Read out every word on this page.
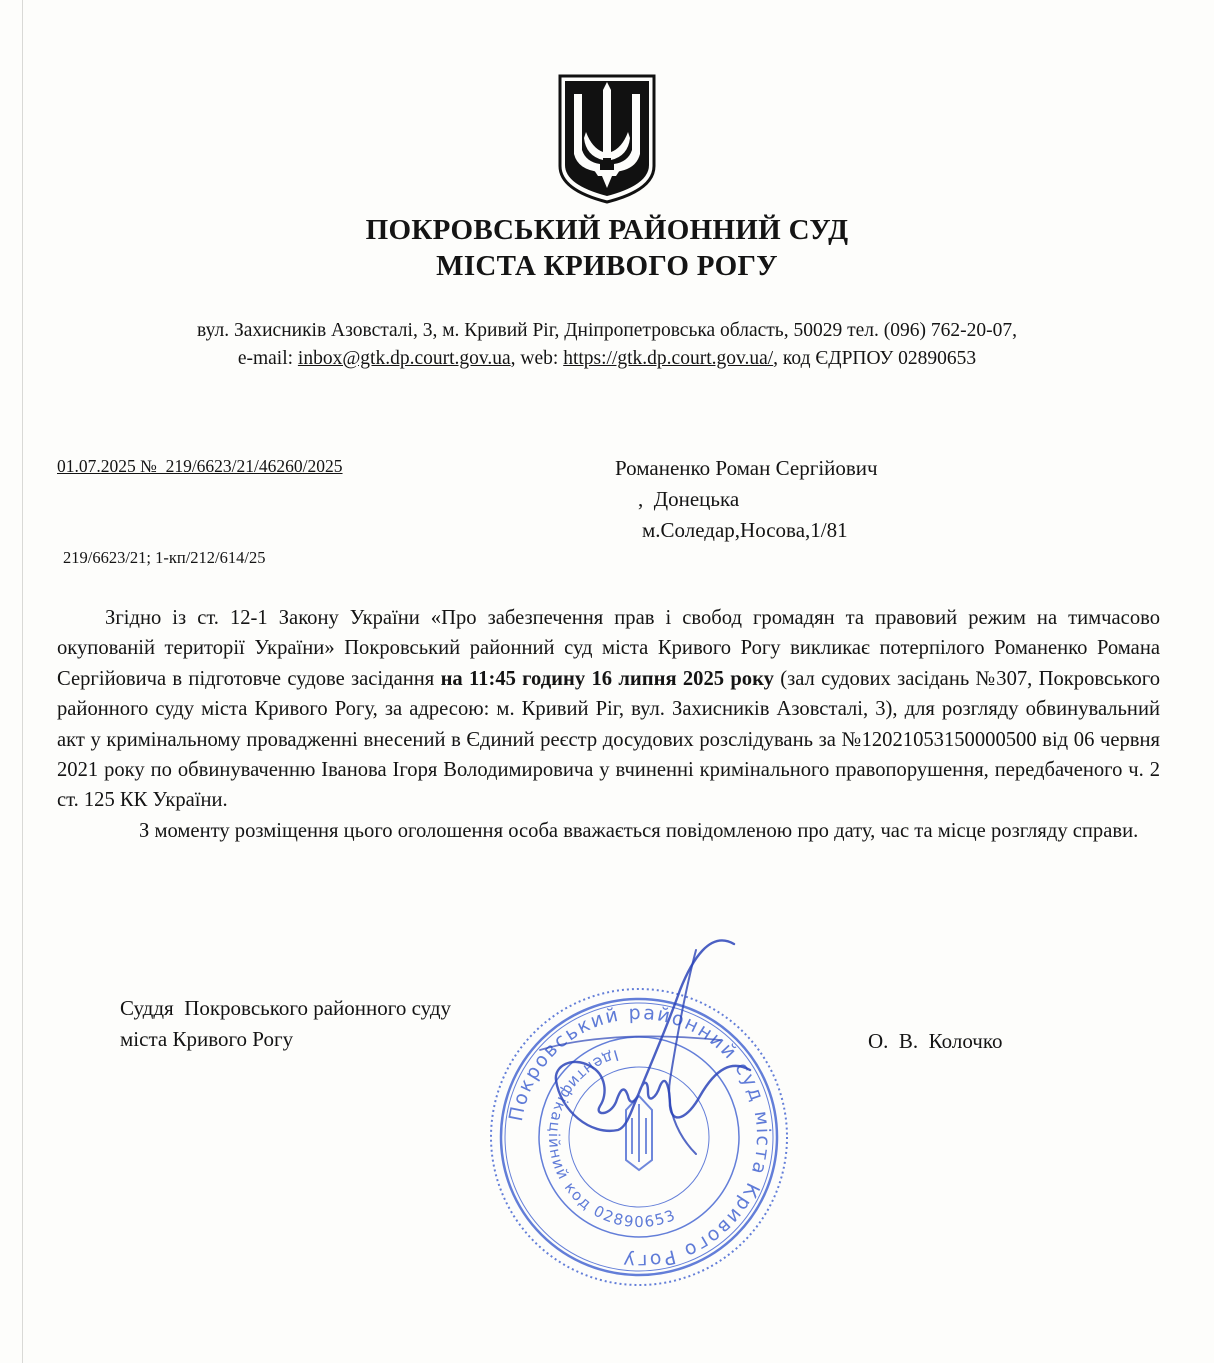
ПОКРОВСЬКИЙ РАЙОННИЙ СУД
МІСТА КРИВОГО РОГУ
вул. Захисників Азовсталі, 3, м. Кривий Ріг, Дніпропетровська область, 50029 тел. (096) 762-20-07,
e-mail: inbox@gtk.dp.court.gov.ua, web: https://gtk.dp.court.gov.ua/, код ЄДРПОУ 02890653
01.07.2025 №  219/6623/21/46260/2025
219/6623/21; 1-кп/212/614/25
Романенко Роман Сергійович
,  Донецька
м.Соледар,Носова,1/81

Згідно із ст. 12-1 Закону України «Про забезпечення прав і свобод громадян та правовий режим на тимчасово окупованій території України» Покровський районний суд міста Кривого Рогу викликає потерпілого Романенко Романа Сергійовича в підготовче судове засідання на 11:45 годину 16 липня 2025 року (зал судових засідань №307, Покровського районного суду міста Кривого Рогу, за адресою: м. Кривий Ріг, вул. Захисників Азовсталі, 3), для розгляду обвинувальний акт у кримінальному провадженні внесений в Єдиний реєстр досудових розслідувань за №12021053150000500 від 06 червня 2021 року по обвинуваченню Іванова Ігоря Володимировича у вчиненні кримінального правопорушення, передбаченого ч. 2 ст. 125 КК України.

З моменту розміщення цього оголошення особа вважається повідомленою про дату, час та місце розгляду справи.

Суддя  Покровського районного суду
міста Кривого Рогу	О.  В.  Колочко
Покровський районний суд міста Кривого Рогу
Ідентифікаційний код 02890653
